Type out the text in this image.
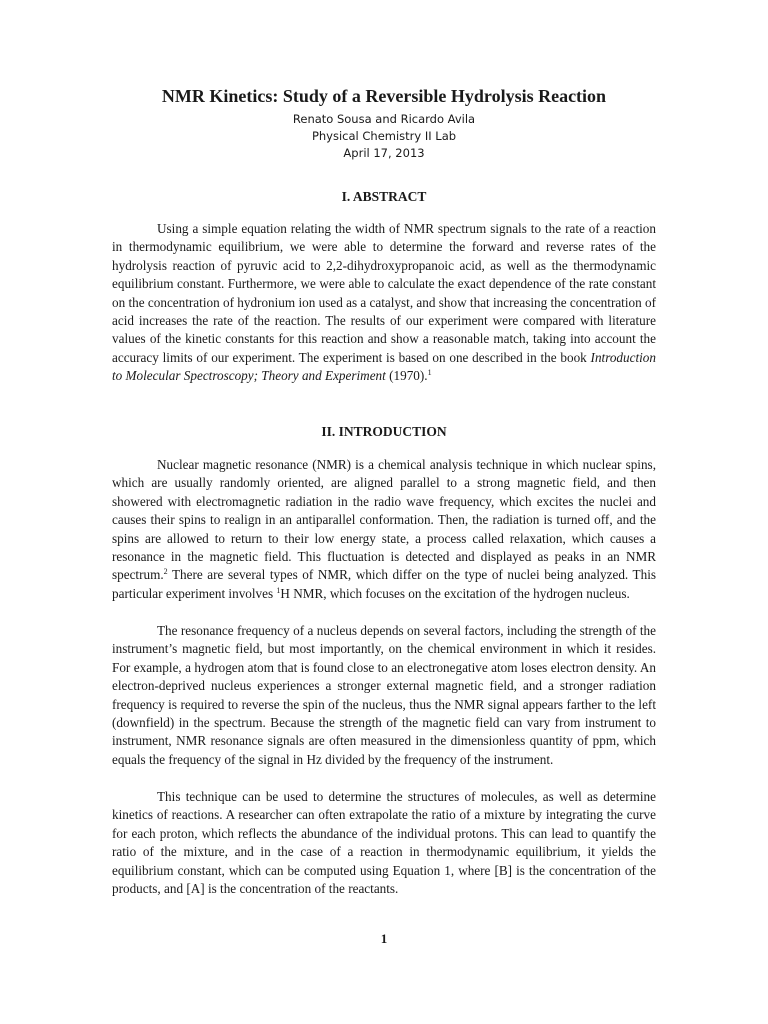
NMR Kinetics: Study of a Reversible Hydrolysis Reaction
Renato Sousa and Ricardo Avila
Physical Chemistry II Lab
April 17, 2013
I. ABSTRACT

Using a simple equation relating the width of NMR spectrum signals to the rate of a reaction in thermodynamic equilibrium, we were able to determine the forward and reverse rates of the hydrolysis reaction of pyruvic acid to 2,2-dihydroxypropanoic acid, as well as the thermodynamic equilibrium constant. Furthermore, we were able to calculate the exact dependence of the rate constant on the concentration of hydronium ion used as a catalyst, and show that increasing the concentration of acid increases the rate of the reaction. The results of our experiment were compared with literature values of the kinetic constants for this reaction and show a reasonable match, taking into account the accuracy limits of our experiment. The experiment is based on one described in the book Introduction to Molecular Spectroscopy; Theory and Experiment (1970).$^1$

II. INTRODUCTION

Nuclear magnetic resonance (NMR) is a chemical analysis technique in which nuclear spins, which are usually randomly oriented, are aligned parallel to a strong magnetic field, and then showered with electromagnetic radiation in the radio wave frequency, which excites the nuclei and causes their spins to realign in an antiparallel conformation. Then, the radiation is turned off, and the spins are allowed to return to their low energy state, a process called relaxation, which causes a resonance in the magnetic field. This fluctuation is detected and displayed as peaks in an NMR spectrum.$^2$ There are several types of NMR, which differ on the type of nuclei being analyzed. This particular experiment involves $^1$H NMR, which focuses on the excitation of the hydrogen nucleus.

The resonance frequency of a nucleus depends on several factors, including the strength of the instrument’s magnetic field, but most importantly, on the chemical environment in which it resides. For example, a hydrogen atom that is found close to an electronegative atom loses electron density. An electron-deprived nucleus experiences a stronger external magnetic field, and a stronger radiation frequency is required to reverse the spin of the nucleus, thus the NMR signal appears farther to the left (downfield) in the spectrum. Because the strength of the magnetic field can vary from instrument to instrument, NMR resonance signals are often measured in the dimensionless quantity of ppm, which equals the frequency of the signal in Hz divided by the frequency of the instrument.

This technique can be used to determine the structures of molecules, as well as determine kinetics of reactions. A researcher can often extrapolate the ratio of a mixture by integrating the curve for each proton, which reflects the abundance of the individual protons. This can lead to quantify the ratio of the mixture, and in the case of a reaction in thermodynamic equilibrium, it yields the equilibrium constant, which can be computed using Equation 1, where [B] is the concentration of the products, and [A] is the concentration of the reactants.

1
